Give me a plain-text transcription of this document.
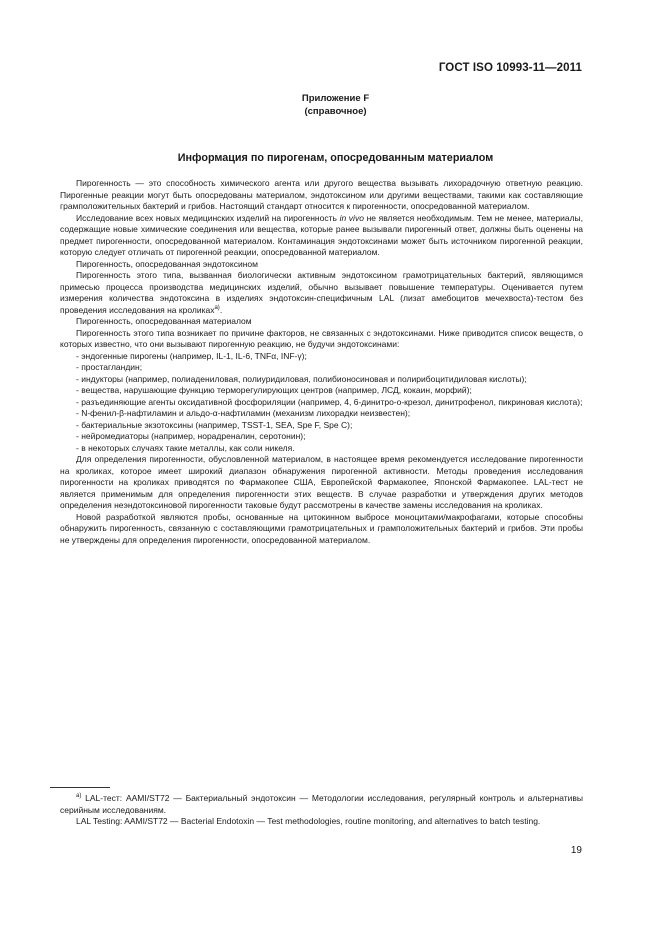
ГОСТ ISO 10993-11—2011
Приложение F
(справочное)
Информация по пирогенам, опосредованным материалом

Пирогенность — это способность химического агента или другого вещества вызывать лихорадочную ответную реакцию. Пирогенные реакции могут быть опосредованы материалом, эндотоксином или другими веществами, такими как составляющие грамположительных бактерий и грибов. Настоящий стандарт относится к пирогенности, опосредованной материалом.

Исследование всех новых медицинских изделий на пирогенность in vivo не является необходимым. Тем не менее, материалы, содержащие новые химические соединения или вещества, которые ранее вызывали пирогенный ответ, должны быть оценены на предмет пирогенности, опосредованной материалом. Контаминация эндотоксинами может быть источником пирогенной реакции, которую следует отличать от пирогенной реакции, опосредованной материалом.

Пирогенность, опосредованная эндотоксином

Пирогенность этого типа, вызванная биологически активным эндотоксином грамотрицательных бактерий, являющимся примесью процесса производства медицинских изделий, обычно вызывает повышение температуры. Оценивается путем измерения количества эндотоксина в изделиях эндотоксин-специфичным LAL (лизат амебоцитов мечехвоста)-тестом без проведения исследования на кроликах$^{а)}$.

Пирогенность, опосредованная материалом

Пирогенность этого типа возникает по причине факторов, не связанных с эндотоксинами. Ниже приводится список веществ, о которых известно, что они вызывают пирогенную реакцию, не будучи эндотоксинами:

- эндогенные пирогены (например, IL-1, IL-6, TNFα, INF-γ);

- простагландин;

- индукторы (например, полиадениловая, полиуридиловая, полибионосиновая и полирибоцитидиловая кислоты);

- вещества, нарушающие функцию терморегулирующих центров (например, ЛСД, кокаин, морфий);

- разъединяющие агенты оксидативной фосфориляции (например, 4, 6-динитро-о-крезол, динитрофенол, пикриновая кислота);

- N-фенил-β-нафтиламин и альдо-α-нафтиламин (механизм лихорадки неизвестен);

- бактериальные экзотоксины (например, TSST-1, SEA, Spe F, Spe C);

- нейромедиаторы (например, норадреналин, серотонин);

- в некоторых случаях такие металлы, как соли никеля.

Для определения пирогенности, обусловленной материалом, в настоящее время рекомендуется исследование пирогенности на кроликах, которое имеет широкий диапазон обнаружения пирогенной активности. Методы проведения исследования пирогенности на кроликах приводятся по Фармакопее США, Европейской Фармакопее, Японской Фармакопее. LAL-тест не является применимым для определения пирогенности этих веществ. В случае разработки и утверждения других методов определения неэндотоксиновой пирогенности таковые будут рассмотрены в качестве замены исследования на кроликах.

Новой разработкой являются пробы, основанные на цитокинном выбросе моноцитами/макрофагами, которые способны обнаружить пирогенность, связанную с составляющими грамотрицательных и грамположительных бактерий и грибов. Эти пробы не утверждены для определения пирогенности, опосредованной материалом.

$^{а)}$ LAL-тест: AAMI/ST72 — Бактериальный эндотоксин — Методологии исследования, регулярный контроль и альтернативы серийным исследованиям.

LAL Testing: AAMI/ST72 — Bacterial Endotoxin — Test methodologies, routine monitoring, and alternatives to batch testing.

19
